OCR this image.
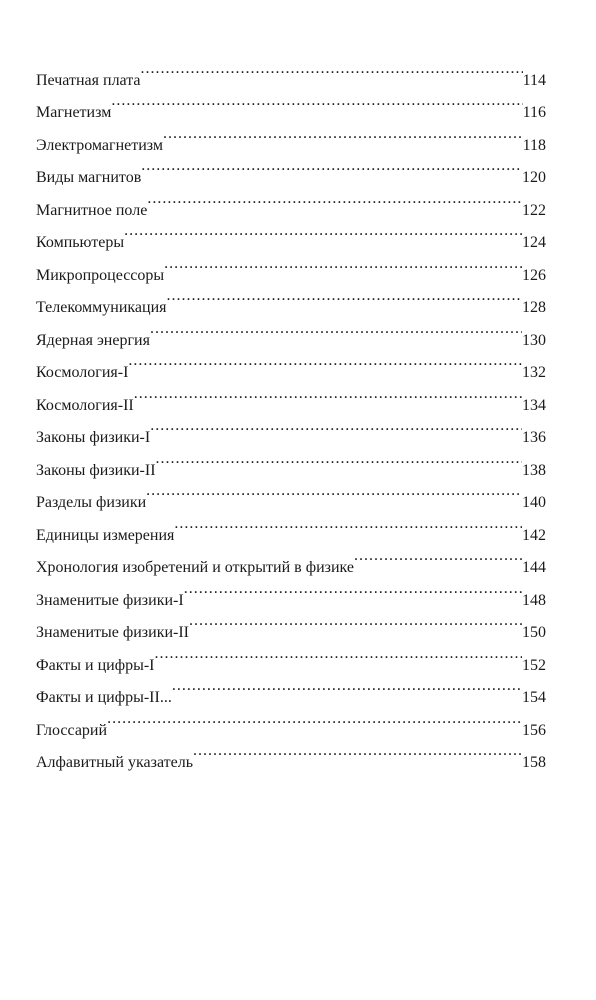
Печатная плата .....	114
Магнетизм .....	116
Электромагнетизм .....	118
Виды магнитов .....	120
Магнитное поле .....	122
Компьютеры .....	124
Микропроцессоры .....	126
Телекоммуникация .....	128
Ядерная энергия .....	130
Космология-I .....	132
Космология-II .....	134
Законы физики-I .....	136
Законы физики-II .....	138
Разделы физики .....	140
Единицы измерения .....	142
Хронология изобретений и открытий в физике .....	144
Знаменитые физики-I .....	148
Знаменитые физики-II .....	150
Факты и цифры-I .....	152
Факты и цифры-II... .....	154
Глоссарий .....	156
Алфавитный указатель .....	158
